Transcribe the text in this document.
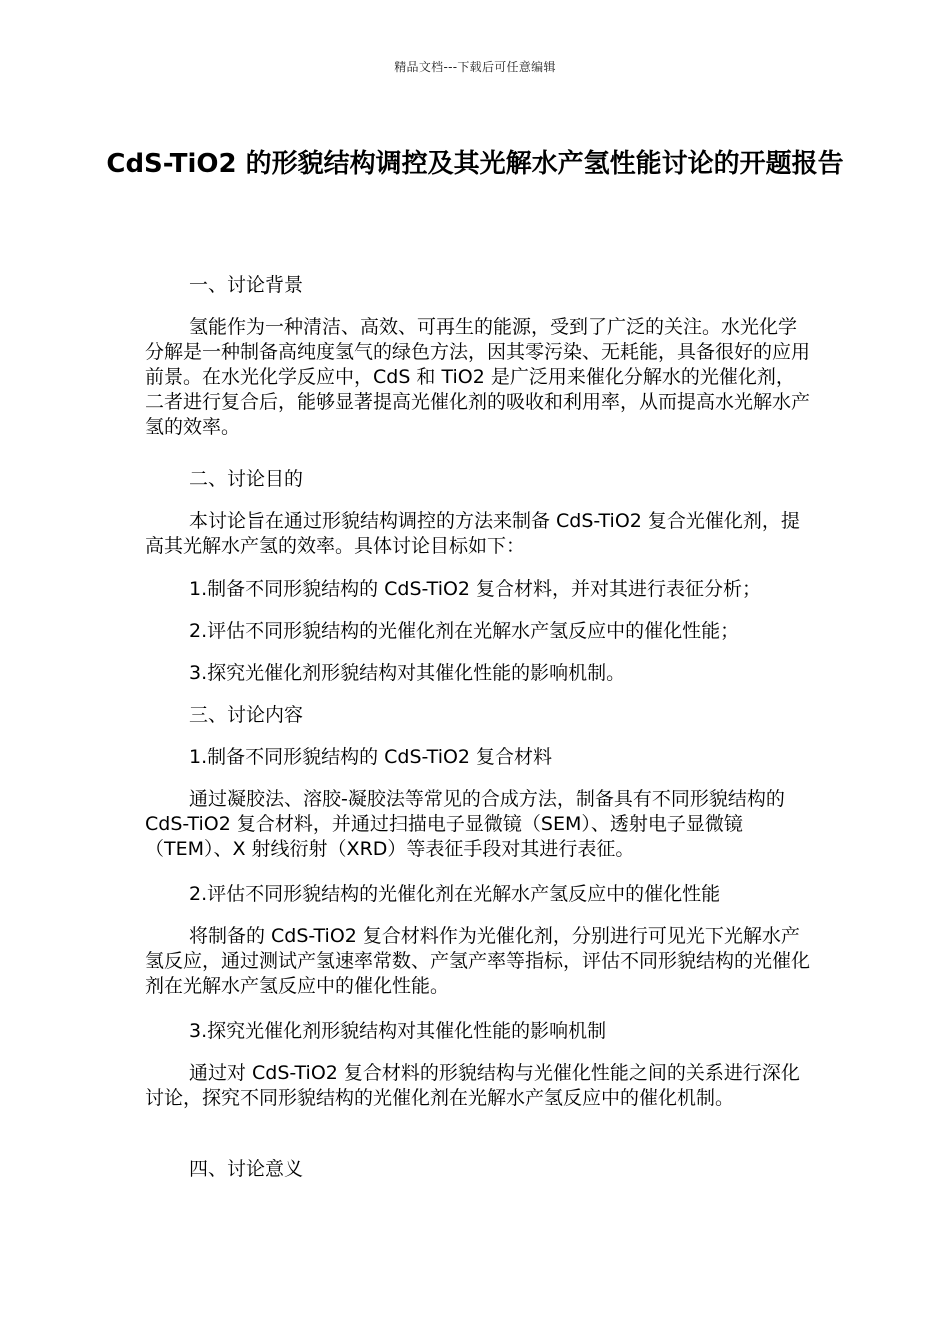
精品文档---下载后可任意编辑
CdS-TiO2 的形貌结构调控及其光解水产氢性能讨论的开题报告

一、讨论背景

氢能作为一种清洁、高效、可再生的能源，受到了广泛的关注。水光化学分解是一种制备高纯度氢气的绿色方法，因其零污染、无耗能，具备很好的应用前景。在水光化学反应中，CdS 和 TiO2 是广泛用来催化分解水的光催化剂，二者进行复合后，能够显著提高光催化剂的吸收和利用率，从而提高水光解水产氢的效率。

二、讨论目的

本讨论旨在通过形貌结构调控的方法来制备 CdS-TiO2 复合光催化剂，提高其光解水产氢的效率。具体讨论目标如下：

1.制备不同形貌结构的 CdS-TiO2 复合材料，并对其进行表征分析；

2.评估不同形貌结构的光催化剂在光解水产氢反应中的催化性能；

3.探究光催化剂形貌结构对其催化性能的影响机制。

三、讨论内容

1.制备不同形貌结构的 CdS-TiO2 复合材料

通过凝胶法、溶胶-凝胶法等常见的合成方法，制备具有不同形貌结构的 CdS-TiO2 复合材料，并通过扫描电子显微镜（SEM）、透射电子显微镜（TEM）、X 射线衍射（XRD）等表征手段对其进行表征。

2.评估不同形貌结构的光催化剂在光解水产氢反应中的催化性能

将制备的 CdS-TiO2 复合材料作为光催化剂，分别进行可见光下光解水产氢反应，通过测试产氢速率常数、产氢产率等指标，评估不同形貌结构的光催化剂在光解水产氢反应中的催化性能。

3.探究光催化剂形貌结构对其催化性能的影响机制

通过对 CdS-TiO2 复合材料的形貌结构与光催化性能之间的关系进行深化讨论，探究不同形貌结构的光催化剂在光解水产氢反应中的催化机制。

四、讨论意义
